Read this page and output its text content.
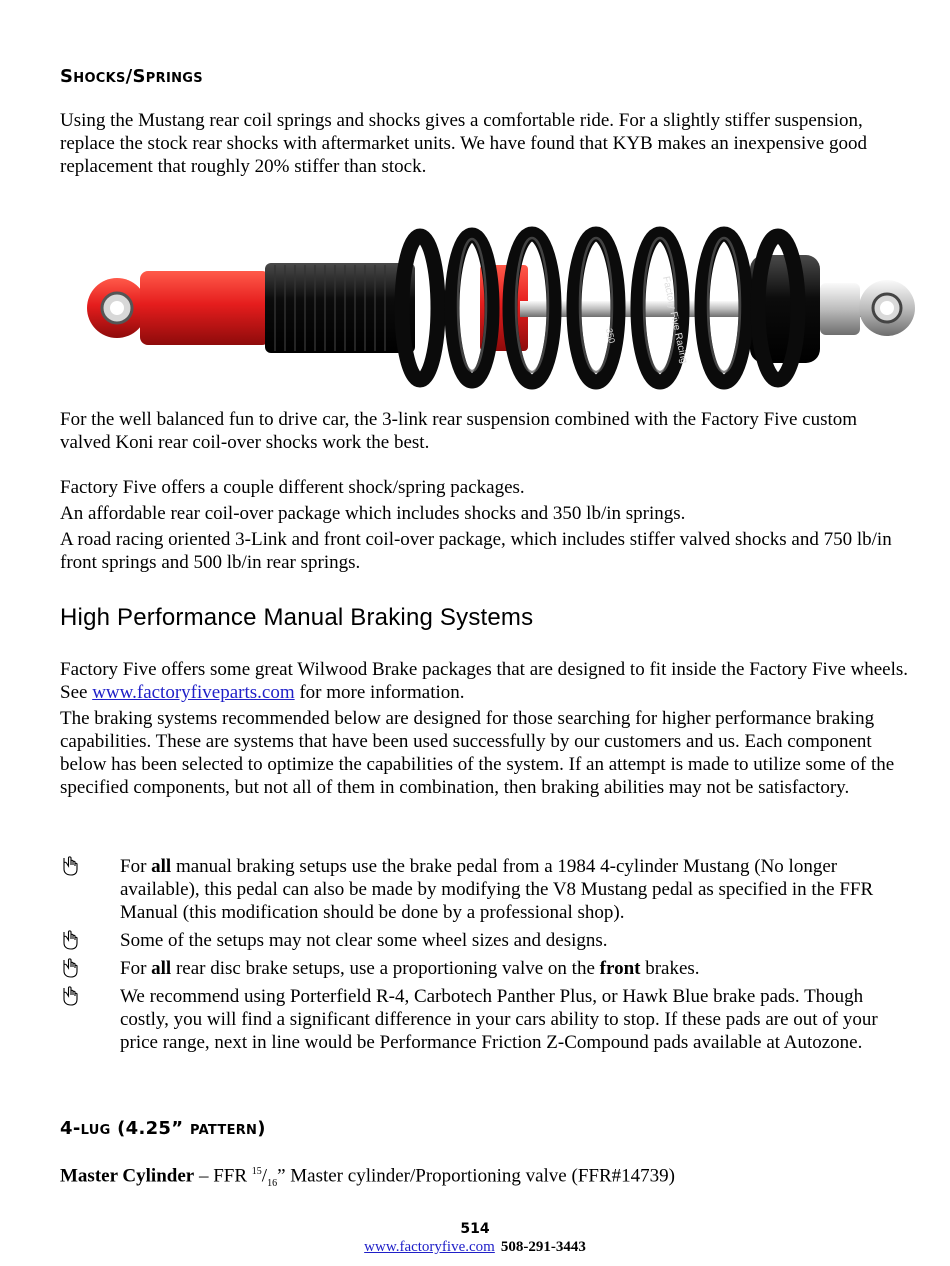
Shocks/Springs

Using the Mustang rear coil springs and shocks gives a comfortable ride. For a slightly stiffer suspension, replace the stock rear shocks with aftermarket units. We have found that KYB makes an inexpensive good replacement that roughly 20% stiffer than stock.

For the well balanced fun to drive car, the 3-link rear suspension combined with the Factory Five custom valved Koni rear coil-over shocks work the best.

Factory Five offers a couple different shock/spring packages.

An affordable rear coil-over package which includes shocks and 350 lb/in springs.

A road racing oriented 3-Link and front coil-over package, which includes stiffer valved shocks and 750 lb/in front springs and 500 lb/in rear springs.

High Performance Manual Braking Systems

Factory Five offers some great Wilwood Brake packages that are designed to fit inside the Factory Five wheels. See www.factoryfiveparts.com for more information.

The braking systems recommended below are designed for those searching for higher performance braking capabilities. These are systems that have been used successfully by our customers and us. Each component below has been selected to optimize the capabilities of the system. If an attempt is made to utilize some of the specified components, but not all of them in combination, then braking abilities may not be satisfactory.

For all manual braking setups use the brake pedal from a 1984 4-cylinder Mustang (No longer available), this pedal can also be made by modifying the V8 Mustang pedal as specified in the FFR Manual (this modification should be done by a professional shop).
Some of the setups may not clear some wheel sizes and designs.
For all rear disc brake setups, use a proportioning valve on the front brakes.
We recommend using Porterfield R-4, Carbotech Panther Plus, or Hawk Blue brake pads. Though costly, you will find a significant difference in your cars ability to stop. If these pads are out of your price range, next in line would be Performance Friction Z-Compound pads available at Autozone.
4-lug (4.25” pattern)

Master Cylinder – FFR $^{15}/_{16}$” Master cylinder/Proportioning valve (FFR#14739)

Factory Five Racing
350
514
www.factoryfive.com 508-291-3443
